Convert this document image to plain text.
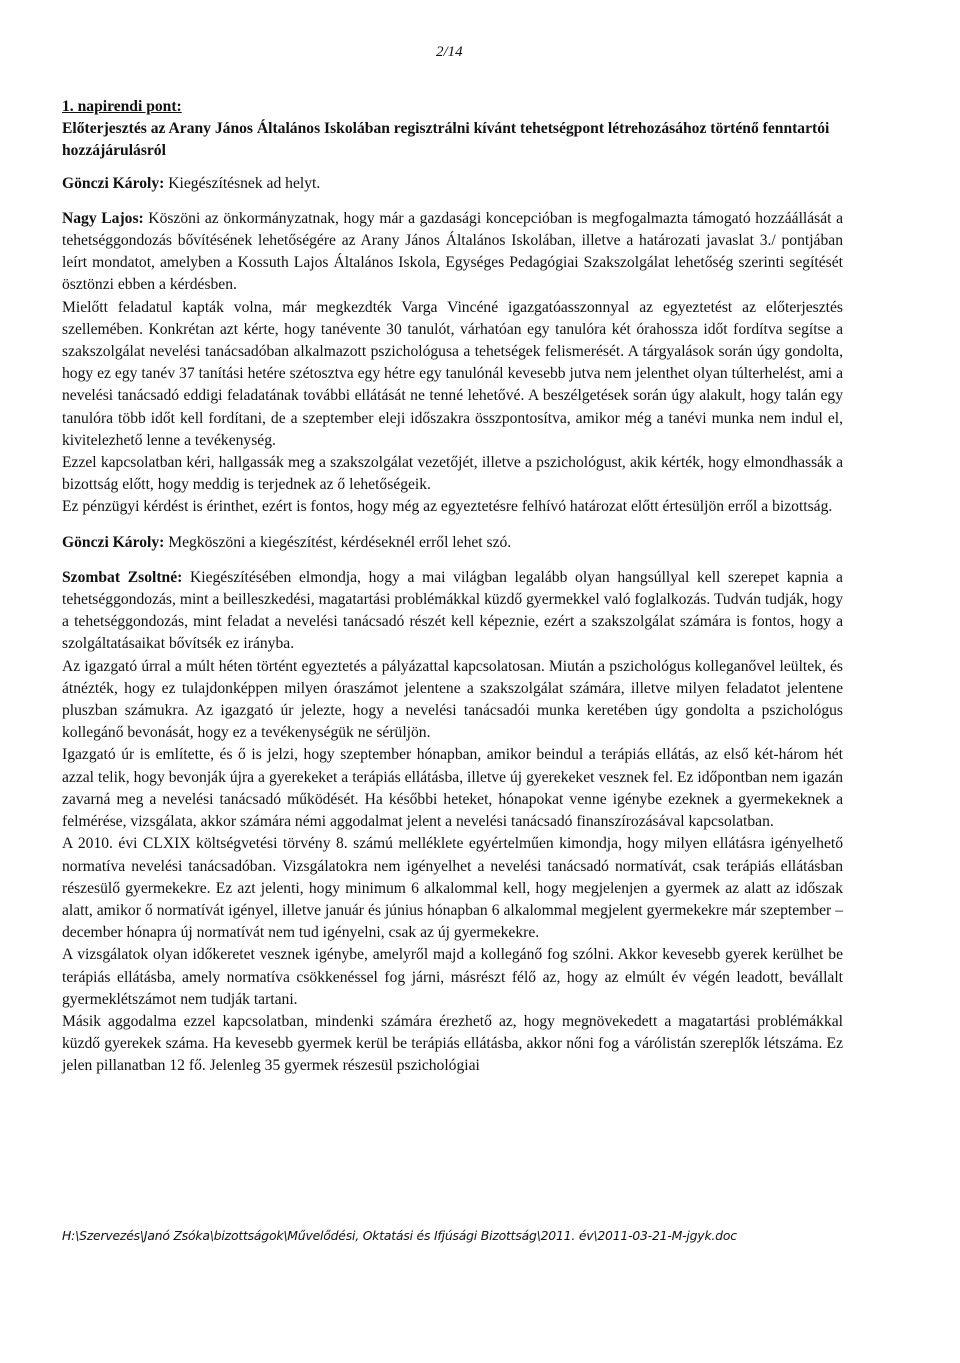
2/14
1. napirendi pont:
Előterjesztés az Arany János Általános Iskolában regisztrálni kívánt tehetségpont létrehozásához történő fenntartói hozzájárulásról

Gönczi Károly: Kiegészítésnek ad helyt.

Nagy Lajos: Köszöni az önkormányzatnak, hogy már a gazdasági koncepcióban is megfogalmazta támogató hozzáállását a tehetséggondozás bővítésének lehetőségére az Arany János Általános Iskolában, illetve a határozati javaslat 3./ pontjában leírt mondatot, amelyben a Kossuth Lajos Általános Iskola, Egységes Pedagógiai Szakszolgálat lehetőség szerinti segítését ösztönzi ebben a kérdésben.

Mielőtt feladatul kapták volna, már megkezdték Varga Vincéné igazgatóasszonnyal az egyeztetést az előterjesztés szellemében. Konkrétan azt kérte, hogy tanévente 30 tanulót, várhatóan egy tanulóra két órahossza időt fordítva segítse a szakszolgálat nevelési tanácsadóban alkalmazott pszichológusa a tehetségek felismerését. A tárgyalások során úgy gondolta, hogy ez egy tanév 37 tanítási hetére szétosztva egy hétre egy tanulónál kevesebb jutva nem jelenthet olyan túlterhelést, ami a nevelési tanácsadó eddigi feladatának további ellátását ne tenné lehetővé. A beszélgetések során úgy alakult, hogy talán egy tanulóra több időt kell fordítani, de a szeptember eleji időszakra összpontosítva, amikor még a tanévi munka nem indul el, kivitelezhető lenne a tevékenység.

Ezzel kapcsolatban kéri, hallgassák meg a szakszolgálat vezetőjét, illetve a pszichológust, akik kérték, hogy elmondhassák a bizottság előtt, hogy meddig is terjednek az ő lehetőségeik.

Ez pénzügyi kérdést is érinthet, ezért is fontos, hogy még az egyeztetésre felhívó határozat előtt értesüljön erről a bizottság.

Gönczi Károly: Megköszöni a kiegészítést, kérdéseknél erről lehet szó.

Szombat Zsoltné: Kiegészítésében elmondja, hogy a mai világban legalább olyan hangsúllyal kell szerepet kapnia a tehetséggondozás, mint a beilleszkedési, magatartási problémákkal küzdő gyermekkel való foglalkozás. Tudván tudják, hogy a tehetséggondozás, mint feladat a nevelési tanácsadó részét kell képeznie, ezért a szakszolgálat számára is fontos, hogy a szolgáltatásaikat bővítsék ez irányba.

Az igazgató úrral a múlt héten történt egyeztetés a pályázattal kapcsolatosan. Miután a pszichológus kolleganővel leültek, és átnézték, hogy ez tulajdonképpen milyen óraszámot jelentene a szakszolgálat számára, illetve milyen feladatot jelentene pluszban számukra. Az igazgató úr jelezte, hogy a nevelési tanácsadói munka keretében úgy gondolta a pszichológus kollegánő bevonását, hogy ez a tevékenységük ne sérüljön.

Igazgató úr is említette, és ő is jelzi, hogy szeptember hónapban, amikor beindul a terápiás ellátás, az első két-három hét azzal telik, hogy bevonják újra a gyerekeket a terápiás ellátásba, illetve új gyerekeket vesznek fel. Ez időpontban nem igazán zavarná meg a nevelési tanácsadó működését. Ha későbbi heteket, hónapokat venne igénybe ezeknek a gyermekeknek a felmérése, vizsgálata, akkor számára némi aggodalmat jelent a nevelési tanácsadó finanszírozásával kapcsolatban.

A 2010. évi CLXIX költségvetési törvény 8. számú melléklete egyértelműen kimondja, hogy milyen ellátásra igényelhető normatíva nevelési tanácsadóban. Vizsgálatokra nem igényelhet a nevelési tanácsadó normatívát, csak terápiás ellátásban részesülő gyermekekre. Ez azt jelenti, hogy minimum 6 alkalommal kell, hogy megjelenjen a gyermek az alatt az időszak alatt, amikor ő normatívát igényel, illetve január és június hónapban 6 alkalommal megjelent gyermekekre már szeptember – december hónapra új normatívát nem tud igényelni, csak az új gyermekekre.

A vizsgálatok olyan időkeretet vesznek igénybe, amelyről majd a kollegánő fog szólni. Akkor kevesebb gyerek kerülhet be terápiás ellátásba, amely normatíva csökkenéssel fog járni, másrészt félő az, hogy az elmúlt év végén leadott, bevállalt gyermeklétszámot nem tudják tartani.

Másik aggodalma ezzel kapcsolatban, mindenki számára érezhető az, hogy megnövekedett a magatartási problémákkal küzdő gyerekek száma. Ha kevesebb gyermek kerül be terápiás ellátásba, akkor nőni fog a várólistán szereplők létszáma. Ez jelen pillanatban 12 fő. Jelenleg 35 gyermek részesül pszichológiai

H:\Szervezés\Janó Zsóka\bizottságok\Művelődési, Oktatási és Ifjúsági Bizottság\2011. év\2011-03-21-M-jgyk.doc
